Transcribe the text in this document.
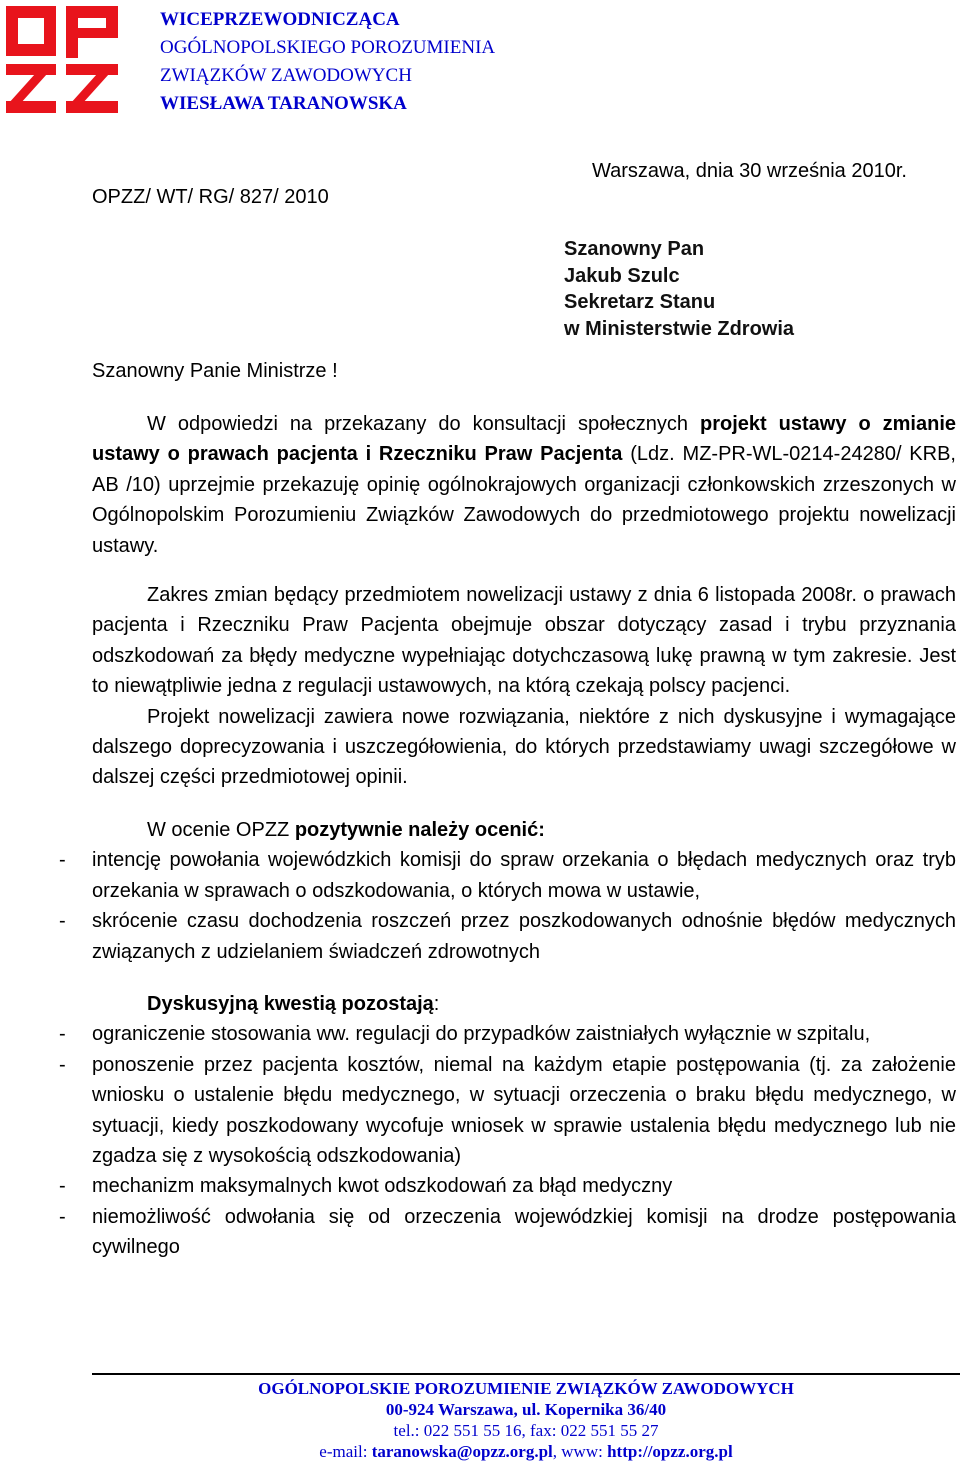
WICEPRZEWODNICZĄCA
OGÓLNOPOLSKIEGO POROZUMIENIA
ZWIĄZKÓW ZAWODOWYCH
WIESŁAWA TARANOWSKA
OPZZ/ WT/ RG/ 827/ 2010
Warszawa, dnia 30 września 2010r.
Szanowny Pan
Jakub Szulc
Sekretarz Stanu
w Ministerstwie Zdrowia
Szanowny Panie Ministrze !

W odpowiedzi na przekazany do konsultacji społecznych projekt ustawy o zmianie ustawy o prawach pacjenta i Rzeczniku Praw Pacjenta (Ldz. MZ-PR-WL-0214-24280/ KRB, AB /10) uprzejmie przekazuję opinię ogólnokrajowych organizacji członkowskich zrzeszonych w Ogólnopolskim Porozumieniu Związków Zawodowych do przedmiotowego projektu nowelizacji ustawy.

Zakres zmian będący przedmiotem nowelizacji ustawy z dnia 6 listopada 2008r. o prawach pacjenta i Rzeczniku Praw Pacjenta obejmuje obszar dotyczący zasad i trybu przyznania odszkodowań za błędy medyczne wypełniając dotychczasową lukę prawną w tym zakresie. Jest to niewątpliwie jedna z regulacji ustawowych, na którą czekają polscy pacjenci.

Projekt nowelizacji zawiera nowe rozwiązania, niektóre z nich dyskusyjne i wymagające dalszego doprecyzowania i uszczegółowienia, do których przedstawiamy uwagi szczegółowe w dalszej części przedmiotowej opinii.

W ocenie OPZZ pozytywnie należy ocenić:

- intencję powołania wojewódzkich komisji do spraw orzekania o błędach medycznych oraz tryb orzekania w sprawach o odszkodowania, o których mowa w ustawie,
- skrócenie czasu dochodzenia roszczeń przez poszkodowanych odnośnie błędów medycznych związanych z udzielaniem świadczeń zdrowotnych

Dyskusyjną kwestią pozostają:

- ograniczenie stosowania ww. regulacji do przypadków zaistniałych wyłącznie w szpitalu,
- ponoszenie przez pacjenta kosztów, niemal na każdym etapie postępowania (tj. za założenie wniosku o ustalenie błędu medycznego, w sytuacji orzeczenia o braku błędu medycznego, w sytuacji, kiedy poszkodowany wycofuje wniosek w sprawie ustalenia błędu medycznego lub nie zgadza się z wysokością odszkodowania)
- mechanizm maksymalnych kwot odszkodowań za błąd medyczny
- niemożliwość odwołania się od orzeczenia wojewódzkiej komisji na drodze postępowania cywilnego
OGÓLNOPOLSKIE POROZUMIENIE ZWIĄZKÓW ZAWODOWYCH
00-924 Warszawa, ul. Kopernika 36/40
tel.: 022 551 55 16, fax: 022 551 55 27
e-mail: taranowska@opzz.org.pl, www: http://opzz.org.pl
